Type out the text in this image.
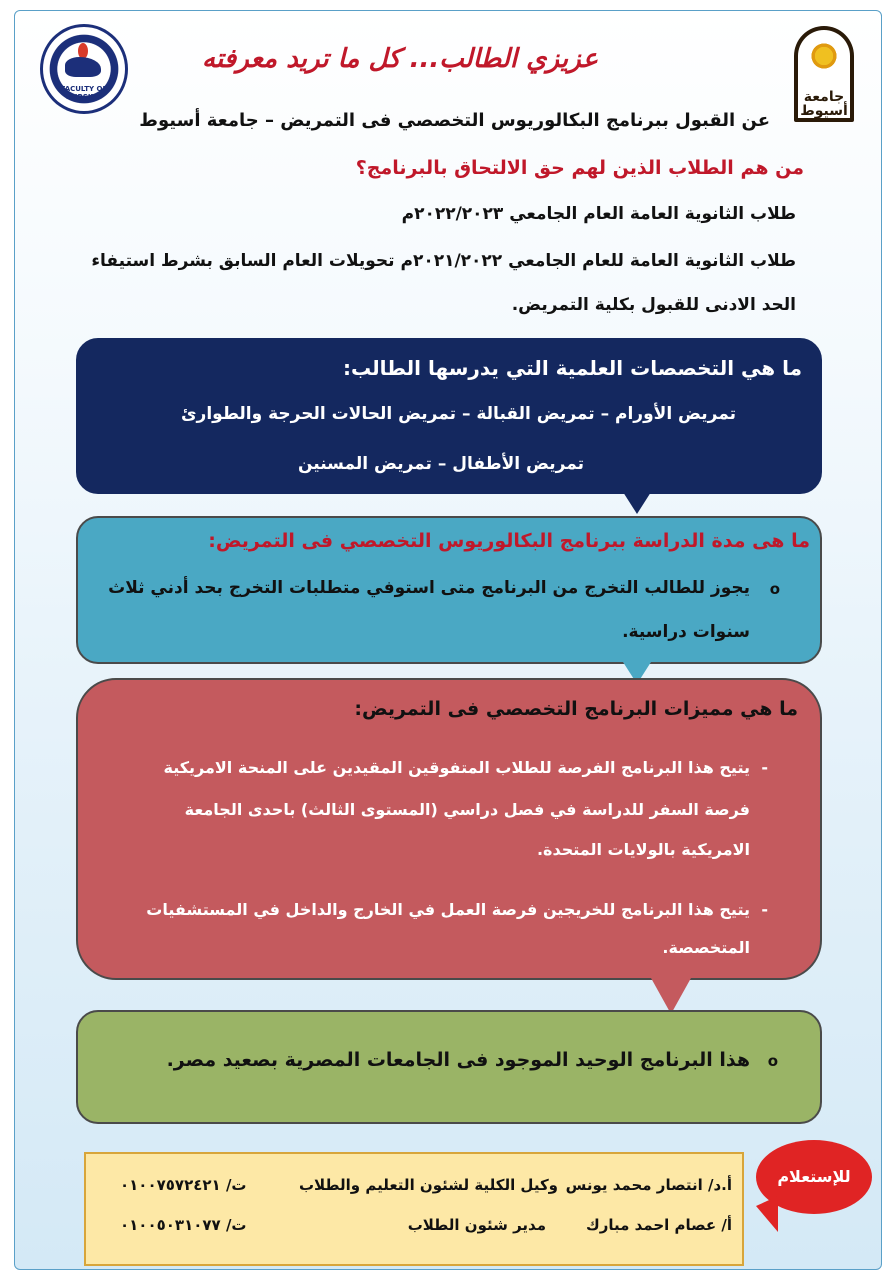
FACULTY OF NURSING	جامعة أسيوط
عزيزي الطالب... كل ما تريد معرفته
عن القبول ببرنامج البكالوريوس التخصصي فى التمريض – جامعة أسيوط
من هم الطلاب الذين لهم حق الالتحاق بالبرنامج؟
طلاب الثانوية العامة العام الجامعي ٢٠٢٢/٢٠٢٣م
طلاب الثانوية العامة للعام الجامعي ٢٠٢١/٢٠٢٢م تحويلات العام السابق بشرط استيفاء
الحد الادنى للقبول بكلية التمريض.
ما هي التخصصات العلمية التي يدرسها الطالب:
تمريض الأورام – تمريض القبالة – تمريض الحالات الحرجة والطوارئ
تمريض الأطفال – تمريض المسنين
ما هى مدة الدراسة ببرنامج البكالوريوس التخصصي فى التمريض:
o
يجوز للطالب التخرج من البرنامج متى استوفي متطلبات التخرج بحد أدني ثلاث
سنوات دراسية.
ما هي مميزات البرنامج التخصصي فى التمريض:
-
يتيح هذا البرنامج الفرصة للطلاب المتفوقين المقيدين على المنحة الامريكية
فرصة السفر للدراسة في فصل دراسي (المستوى الثالث) باحدى الجامعة
الامريكية بالولايات المتحدة.
-
يتيح هذا البرنامج للخريجين فرصة العمل في الخارج والداخل في المستشفيات
المتخصصة.
o
هذا البرنامج الوحيد الموجود فى الجامعات المصرية بصعيد مصر.
للإستعلام
أ.د/ انتصار محمد يونس
وكيل الكلية لشئون التعليم والطلاب
ت/ ٠١٠٠٧٥٧٢٤٢١
أ/ عصام احمد مبارك
مدير شئون الطلاب
ت/ ٠١٠٠٥٠٣١٠٧٧
